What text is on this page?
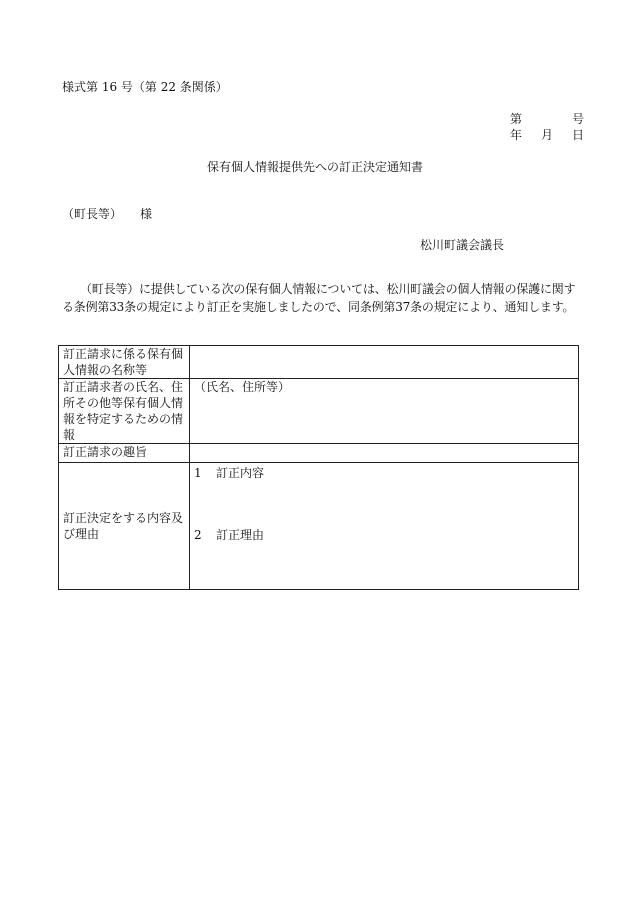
様式第 16 号（第 22 条関係）
第	号
年 月 日
保有個人情報提供先への訂正決定通知書
（町長等） 様
松川町議会議長
（町長等）に提供している次の保有個人情報については、松川町議会の個人情報の保護に関する条例第33条の規定により訂正を実施しましたので、同条例第37条の規定により、通知します。
訂正請求に係る保有個人情報の名称等	
訂正請求者の氏名、住所その他等保有個人情報を特定するための情報	（氏名、住所等）
訂正請求の趣旨	
訂正決定をする内容及び理由	1 訂正内容
2 訂正理由
